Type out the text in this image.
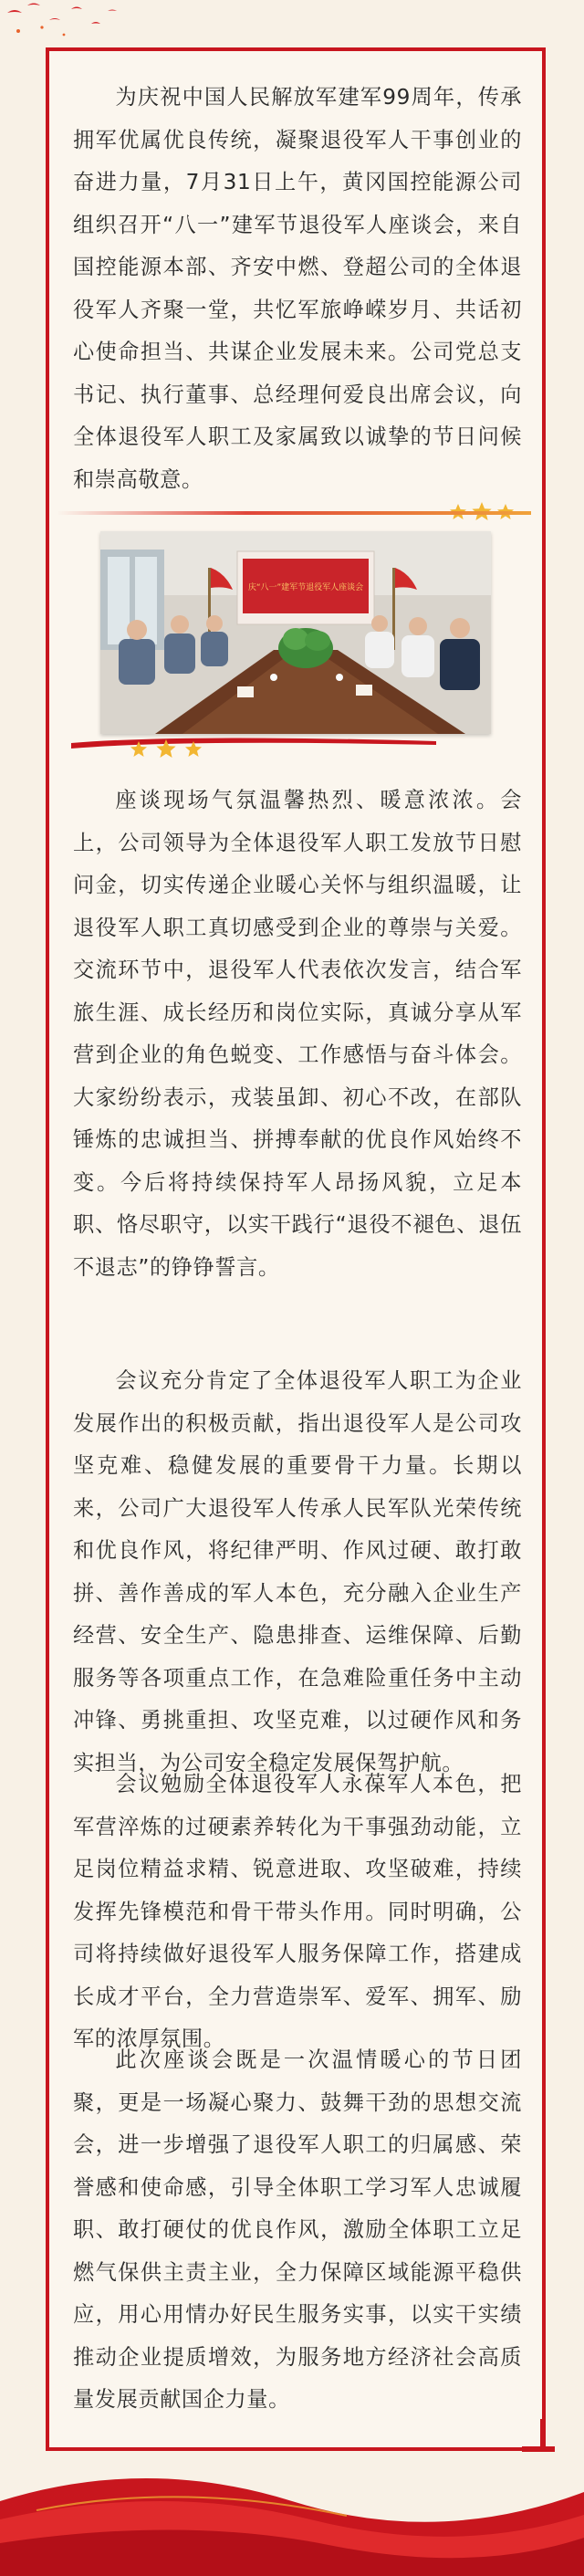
为庆祝中国人民解放军建军99周年，传承拥军优属优良传统，凝聚退役军人干事创业的奋进力量，7月31日上午，黄冈国控能源公司组织召开“八一”建军节退役军人座谈会，来自国控能源本部、齐安中燃、登超公司的全体退役军人齐聚一堂，共忆军旅峥嵘岁月、共话初心使命担当、共谋企业发展未来。公司党总支书记、执行董事、总经理何爱良出席会议，向全体退役军人职工及家属致以诚挚的节日问候和崇高敬意。

庆“八一”建军节退役军人座谈会

座谈现场气氛温馨热烈、暖意浓浓。会上，公司领导为全体退役军人职工发放节日慰问金，切实传递企业暖心关怀与组织温暖，让退役军人职工真切感受到企业的尊崇与关爱。交流环节中，退役军人代表依次发言，结合军旅生涯、成长经历和岗位实际，真诚分享从军营到企业的角色蜕变、工作感悟与奋斗体会。大家纷纷表示，戎装虽卸、初心不改，在部队锤炼的忠诚担当、拼搏奉献的优良作风始终不变。今后将持续保持军人昂扬风貌，立足本职、恪尽职守，以实干践行“退役不褪色、退伍不退志”的铮铮誓言。

会议充分肯定了全体退役军人职工为企业发展作出的积极贡献，指出退役军人是公司攻坚克难、稳健发展的重要骨干力量。长期以来，公司广大退役军人传承人民军队光荣传统和优良作风，将纪律严明、作风过硬、敢打敢拼、善作善成的军人本色，充分融入企业生产经营、安全生产、隐患排查、运维保障、后勤服务等各项重点工作，在急难险重任务中主动冲锋、勇挑重担、攻坚克难，以过硬作风和务实担当，为公司安全稳定发展保驾护航。

会议勉励全体退役军人永葆军人本色，把军营淬炼的过硬素养转化为干事强劲动能，立足岗位精益求精、锐意进取、攻坚破难，持续发挥先锋模范和骨干带头作用。同时明确，公司将持续做好退役军人服务保障工作，搭建成长成才平台，全力营造崇军、爱军、拥军、励军的浓厚氛围。

此次座谈会既是一次温情暖心的节日团聚，更是一场凝心聚力、鼓舞干劲的思想交流会，进一步增强了退役军人职工的归属感、荣誉感和使命感，引导全体职工学习军人忠诚履职、敢打硬仗的优良作风，激励全体职工立足燃气保供主责主业，全力保障区域能源平稳供应，用心用情办好民生服务实事，以实干实绩推动企业提质增效，为服务地方经济社会高质量发展贡献国企力量。
